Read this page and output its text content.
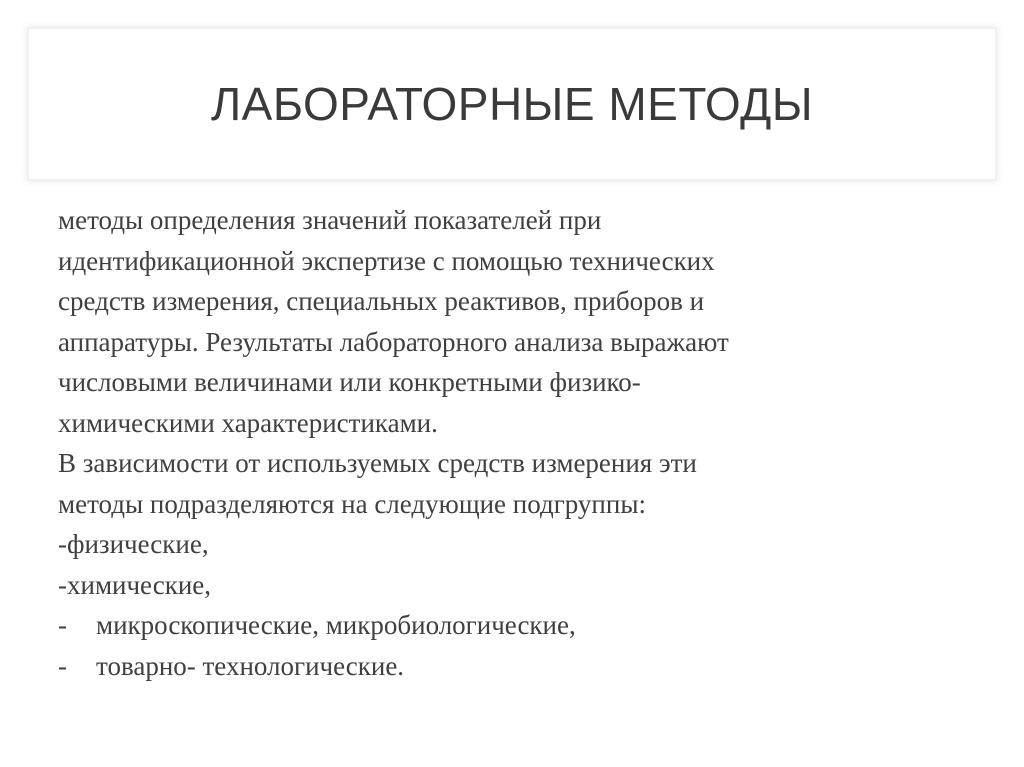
ЛАБОРАТОРНЫЕ МЕТОДЫ
методы определения значений показателей при
идентификационной экспертизе с помощью технических
средств измерения, специальных реактивов, приборов и
аппаратуры. Результаты лабораторного анализа выражают
числовыми величинами или конкретными физико-
химическими характеристиками.
В зависимости от используемых средств измерения эти
методы подразделяются на следующие подгруппы:
-физические,
-химические,
- микроскопические, микробиологические,
- товарно- технологические.
